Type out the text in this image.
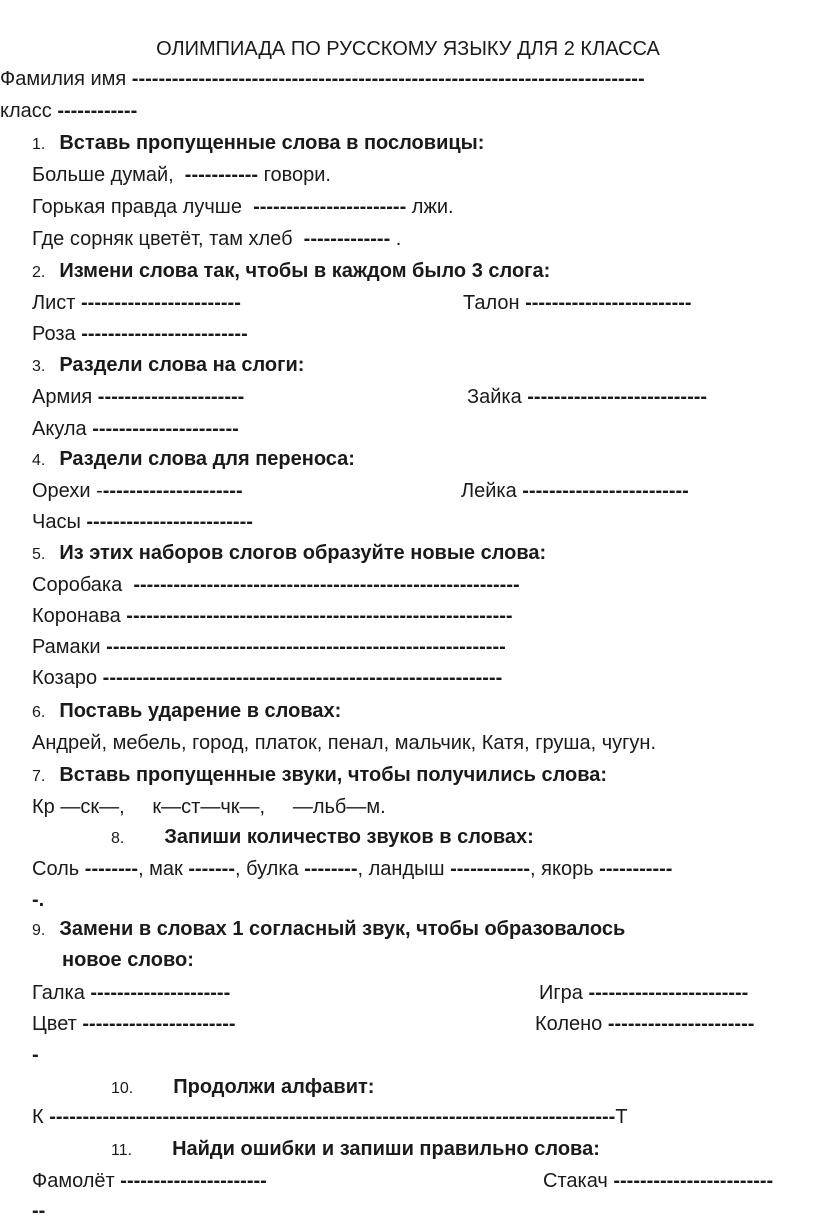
ОЛИМПИАДА ПО РУССКОМУ ЯЗЫКУ ДЛЯ 2 КЛАССА
Фамилия имя -----------------------------------------------------------------------------
класс ------------
1. Вставь пропущенные слова в пословицы:
Больше думай,  ----------- говори.
Горькая правда лучше  ----------------------- лжи.
Где сорняк цветёт, там хлеб  ------------- .
2. Измени слова так, чтобы в каждом было 3 слога:
Лист ------------------------	Талон -------------------------
Роза -------------------------
3. Раздели слова на слоги:
Армия ----------------------	Зайка ---------------------------
Акула ----------------------
4. Раздели слова для переноса:
Орехи ----------------------	Лейка -------------------------
Часы -------------------------
5. Из этих наборов слогов образуйте новые слова:
Соробака  ----------------------------------------------------------
Коронава ----------------------------------------------------------
Рамаки ------------------------------------------------------------
Козаро ------------------------------------------------------------
6. Поставь ударение в словах:
Андрей, мебель, город, платок, пенал, мальчик, Катя, груша, чугун.
7. Вставь пропущенные звуки, чтобы получились слова:
Кр —ск—,     к—ст—чк—,     —льб—м.
8. Запиши количество звуков в словах:
Соль --------, мак -------, булка --------, ландыш ------------, якорь -----------
-.
9. Замени в словах 1 согласный звук, чтобы образовалось
новое слово:
Галка ---------------------	Игра ------------------------
Цвет -----------------------	Колено ----------------------
-
10. Продолжи алфавит:
К -------------------------------------------------------------------------------------Т
11. Найди ошибки и запиши правильно слова:
Фамолёт ----------------------	Стакач ------------------------
--
